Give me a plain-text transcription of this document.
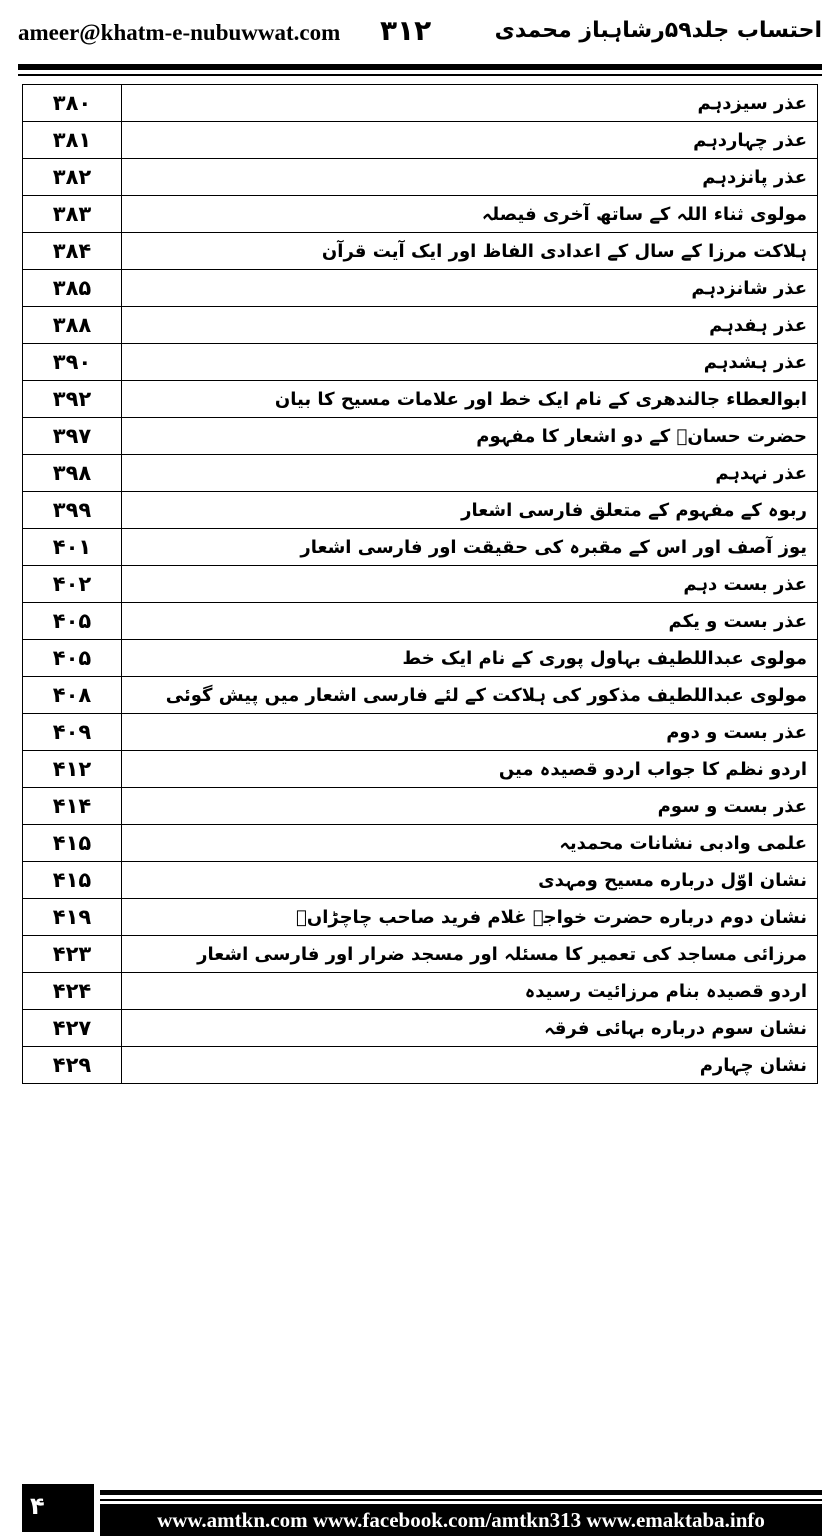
ameer@khatm-e-nubuwwat.com ۳۱۲	احتساب جلد۵۹رشاہباز محمدی
۳۸۰	عذر سیزدہم
۳۸۱	عذر چہاردہم
۳۸۲	عذر پانزدہم
۳۸۳	مولوی ثناء اللہ کے ساتھ آخری فیصلہ
۳۸۴	ہلاکت مرزا کے سال کے اعدادی الفاظ اور ایک آیت قرآن
۳۸۵	عذر شانزدہم
۳۸۸	عذر ہفدہم
۳۹۰	عذر ہشدہم
۳۹۲	ابوالعطاء جالندھری کے نام ایک خط اور علامات مسیح کا بیان
۳۹۷	حضرت حسانؓ کے دو اشعار کا مفہوم
۳۹۸	عذر نہدہم
۳۹۹	ربوہ کے مفہوم کے متعلق فارسی اشعار
۴۰۱	یوز آصف اور اس کے مقبرہ کی حقیقت اور فارسی اشعار
۴۰۲	عذر بست دہم
۴۰۵	عذر بست و یکم
۴۰۵	مولوی عبداللطیف بہاول پوری کے نام ایک خط
۴۰۸	مولوی عبداللطیف مذکور کی ہلاکت کے لئے فارسی اشعار میں پیش گوئی
۴۰۹	عذر بست و دوم
۴۱۲	اردو نظم کا جواب اردو قصیدہ میں
۴۱۴	عذر بست و سوم
۴۱۵	علمی وادبی نشانات محمدیہ
۴۱۵	نشان اوّل درباره مسیح ومہدی
۴۱۹	نشان دوم درباره حضرت خواجہ غلام فرید صاحب چاچڑاںؒ
۴۲۳	مرزائی مساجد کی تعمیر کا مسئلہ اور مسجد ضرار اور فارسی اشعار
۴۲۴	اردو قصیدہ بنام مرزائیت رسیدہ
۴۲۷	نشان سوم درباره بہائی فرقہ
۴۲۹	نشان چہارم
۴	www.amtkn.com www.facebook.com/amtkn313 www.emaktaba.info
